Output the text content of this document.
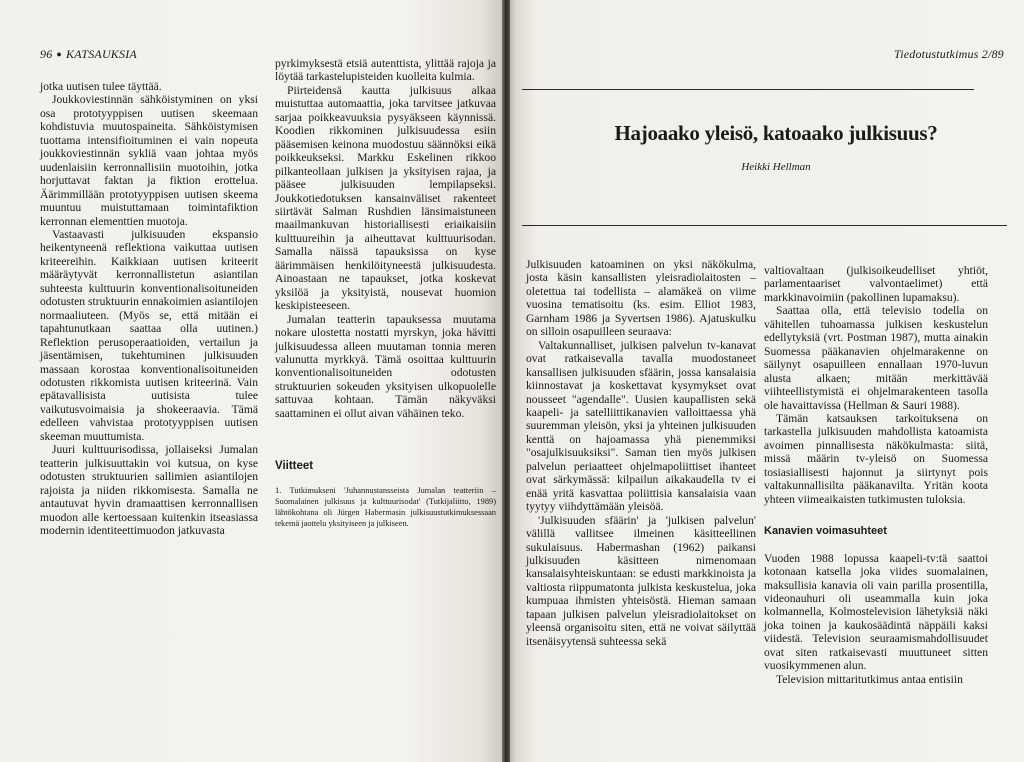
96 ● KATSAUKSIA

jotka uutisen tulee täyttää.

Joukkoviestinnän sähköistyminen on yksi osa prototyyppisen uutisen skeemaan kohdistuvia muutospaineita. Sähköistymisen tuottama intensifioituminen ei vain nopeuta joukkoviestinnän sykliä vaan johtaa myös uudenlaisiin kerronnallisiin muotoihin, jotka horjuttavat faktan ja fiktion erottelua. Äärimmillään prototyyppisen uutisen skeema muuntuu muistuttamaan toimintafiktion kerronnan elementtien muotoja.

Vastaavasti julkisuuden ekspansio heikentyneenä reflektiona vaikuttaa uutisen kriteereihin. Kaikkiaan uutisen kriteerit määräytyvät kerronnallistetun asiantilan suhteesta kulttuurin konventionalisoituneiden odotusten struktuurin ennakoimien asiantilojen normaaliuteen. (Myös se, että mitään ei tapahtunutkaan saattaa olla uutinen.) Reflektion perusoperaatioiden, vertailun ja jäsentämisen, tukehtuminen julkisuuden massaan korostaa konventionalisoituneiden odotusten rikkomista uutisen kriteerinä. Vain epätavallisista uutisista tulee vaikutusvoimaisia ja shokeeraavia. Tämä edelleen vahvistaa prototyyppisen uutisen skeeman muuttumista.

Juuri kulttuurisodissa, jollaiseksi Jumalan teatterin julkisuuttakin voi kutsua, on kyse odotusten struktuurien sallimien asiantilojen rajoista ja niiden rikkomisesta. Samalla ne antautuvat hyvin dramaattisen kerronnallisen muodon alle kertoessaan kuitenkin itseasiassa modernin identiteettimuodon jatkuvasta

pyrkimyksestä etsiä autenttista, ylittää rajoja ja löytää tarkastelupisteiden kuolleita kulmia.

Piirteidensä kautta julkisuus alkaa muistuttaa automaattia, joka tarvitsee jatkuvaa sarjaa poikkeavuuksia pysyäkseen käynnissä. Koodien rikkominen julkisuudessa esiin pääsemisen keinona muodostuu säännöksi eikä poikkeukseksi. Markku Eskelinen rikkoo pilkanteollaan julkisen ja yksityisen rajaa, ja pääsee julkisuuden lempilapseksi. Joukkotiedotuksen kansainväliset rakenteet siirtävät Salman Rushdien länsimaistuneen maailmankuvan historiallisesti eriaikaisiin kulttuureihin ja aiheuttavat kulttuurisodan. Samalla näissä tapauksissa on kyse äärimmäisen henkilöityneestä julkisuudesta. Ainoastaan ne tapaukset, jotka koskevat yksilöä ja yksityistä, nousevat huomion keskipisteeseen.

Jumalan teatterin tapauksessa muutama nokare ulostetta nostatti myrskyn, joka hävitti julkisuudessa alleen muutaman tonnia meren valunutta myrkkyä. Tämä osoittaa kulttuurin konventionalisoituneiden odotusten struktuurien sokeuden yksityisen ulkopuolelle sattuvaa kohtaan. Tämän näkyväksi saattaminen ei ollut aivan vähäinen teko.

Viitteet

1. Tutkimukseni 'Juhannustansseista Jumalan teatteriin – Suomalainen julkisuus ja kulttuurisodat' (Tutkijaliitto, 1989) lähtökohtana oli Jürgen Habermasin julkisuustutkimuksessaan tekemä jaottelu yksityiseen ja julkiseen.

Tiedotustutkimus 2/89
Hajoaako yleisö, katoaako julkisuus?
Heikki Hellman

Julkisuuden katoaminen on yksi näkökulma, josta käsin kansallisten yleisradiolaitosten – oletettua tai todellista – alamäkeä on viime vuosina tematisoitu (ks. esim. Elliot 1983, Garnham 1986 ja Syvertsen 1986). Ajatuskulku on silloin osapuilleen seuraava:

Valtakunnalliset, julkisen palvelun tv-kanavat ovat ratkaisevalla tavalla muodostaneet kansallisen julkisuuden sfäärin, jossa kansalaisia kiinnostavat ja koskettavat kysymykset ovat nousseet "agendalle". Uusien kaupallisten sekä kaapeli- ja satelliittikanavien valloittaessa yhä suuremman yleisön, yksi ja yhteinen julkisuuden kenttä on hajoamassa yhä pienemmiksi "osajulkisuuksiksi". Saman tien myös julkisen palvelun periaatteet ohjelmapoliittiset ihanteet ovat särkymässä: kilpailun aikakaudella tv ei enää yritä kasvattaa poliittisia kansalaisia vaan tyytyy viihdyttämään yleisöä.

'Julkisuuden sfäärin' ja 'julkisen palvelun' välillä vallitsee ilmeinen käsitteellinen sukulaisuus. Habermashan (1962) paikansi julkisuuden käsitteen nimenomaan kansalaisyhteiskuntaan: se edusti markkinoista ja valtiosta riippumatonta julkista keskustelua, joka kumpuaa ihmisten yhteisöstä. Hieman samaan tapaan julkisen palvelun yleisradiolaitokset on yleensä organisoitu siten, että ne voivat säilyttää itsenäisyytensä suhteessa sekä

valtiovaltaan (julkisoikeudelliset yhtiöt, parlamentaariset valvontaelimet) että markkinavoimiin (pakollinen lupamaksu).

Saattaa olla, että televisio todella on vähitellen tuhoamassa julkisen keskustelun edellytyksiä (vrt. Postman 1987), mutta ainakin Suomessa pääkanavien ohjelmarakenne on säilynyt osapuilleen ennallaan 1970-luvun alusta alkaen; mitään merkittävää viihteellistymistä ei ohjelmarakenteen tasolla ole havaittavissa (Hellman & Sauri 1988).

Tämän katsauksen tarkoituksena on tarkastella julkisuuden mahdollista katoamista avoimen pinnallisesta näkökulmasta: siitä, missä määrin tv-yleisö on Suomessa tosiasiallisesti hajonnut ja siirtynyt pois valtakunnallisilta pääkanavilta. Yritän koota yhteen viimeaikaisten tutkimusten tuloksia.

Kanavien voimasuhteet

Vuoden 1988 lopussa kaapeli-tv:tä saattoi kotonaan katsella joka viides suomalainen, maksullisia kanavia oli vain parilla prosentilla, videonauhuri oli useammalla kuin joka kolmannella, Kolmostelevision lähetyksiä näki joka toinen ja kaukosäädintä näppäili kaksi viidestä. Television seuraamismahdollisuudet ovat siten ratkaisevasti muuttuneet sitten vuosikymmenen alun.

Television mittaritutkimus antaa entisiin
